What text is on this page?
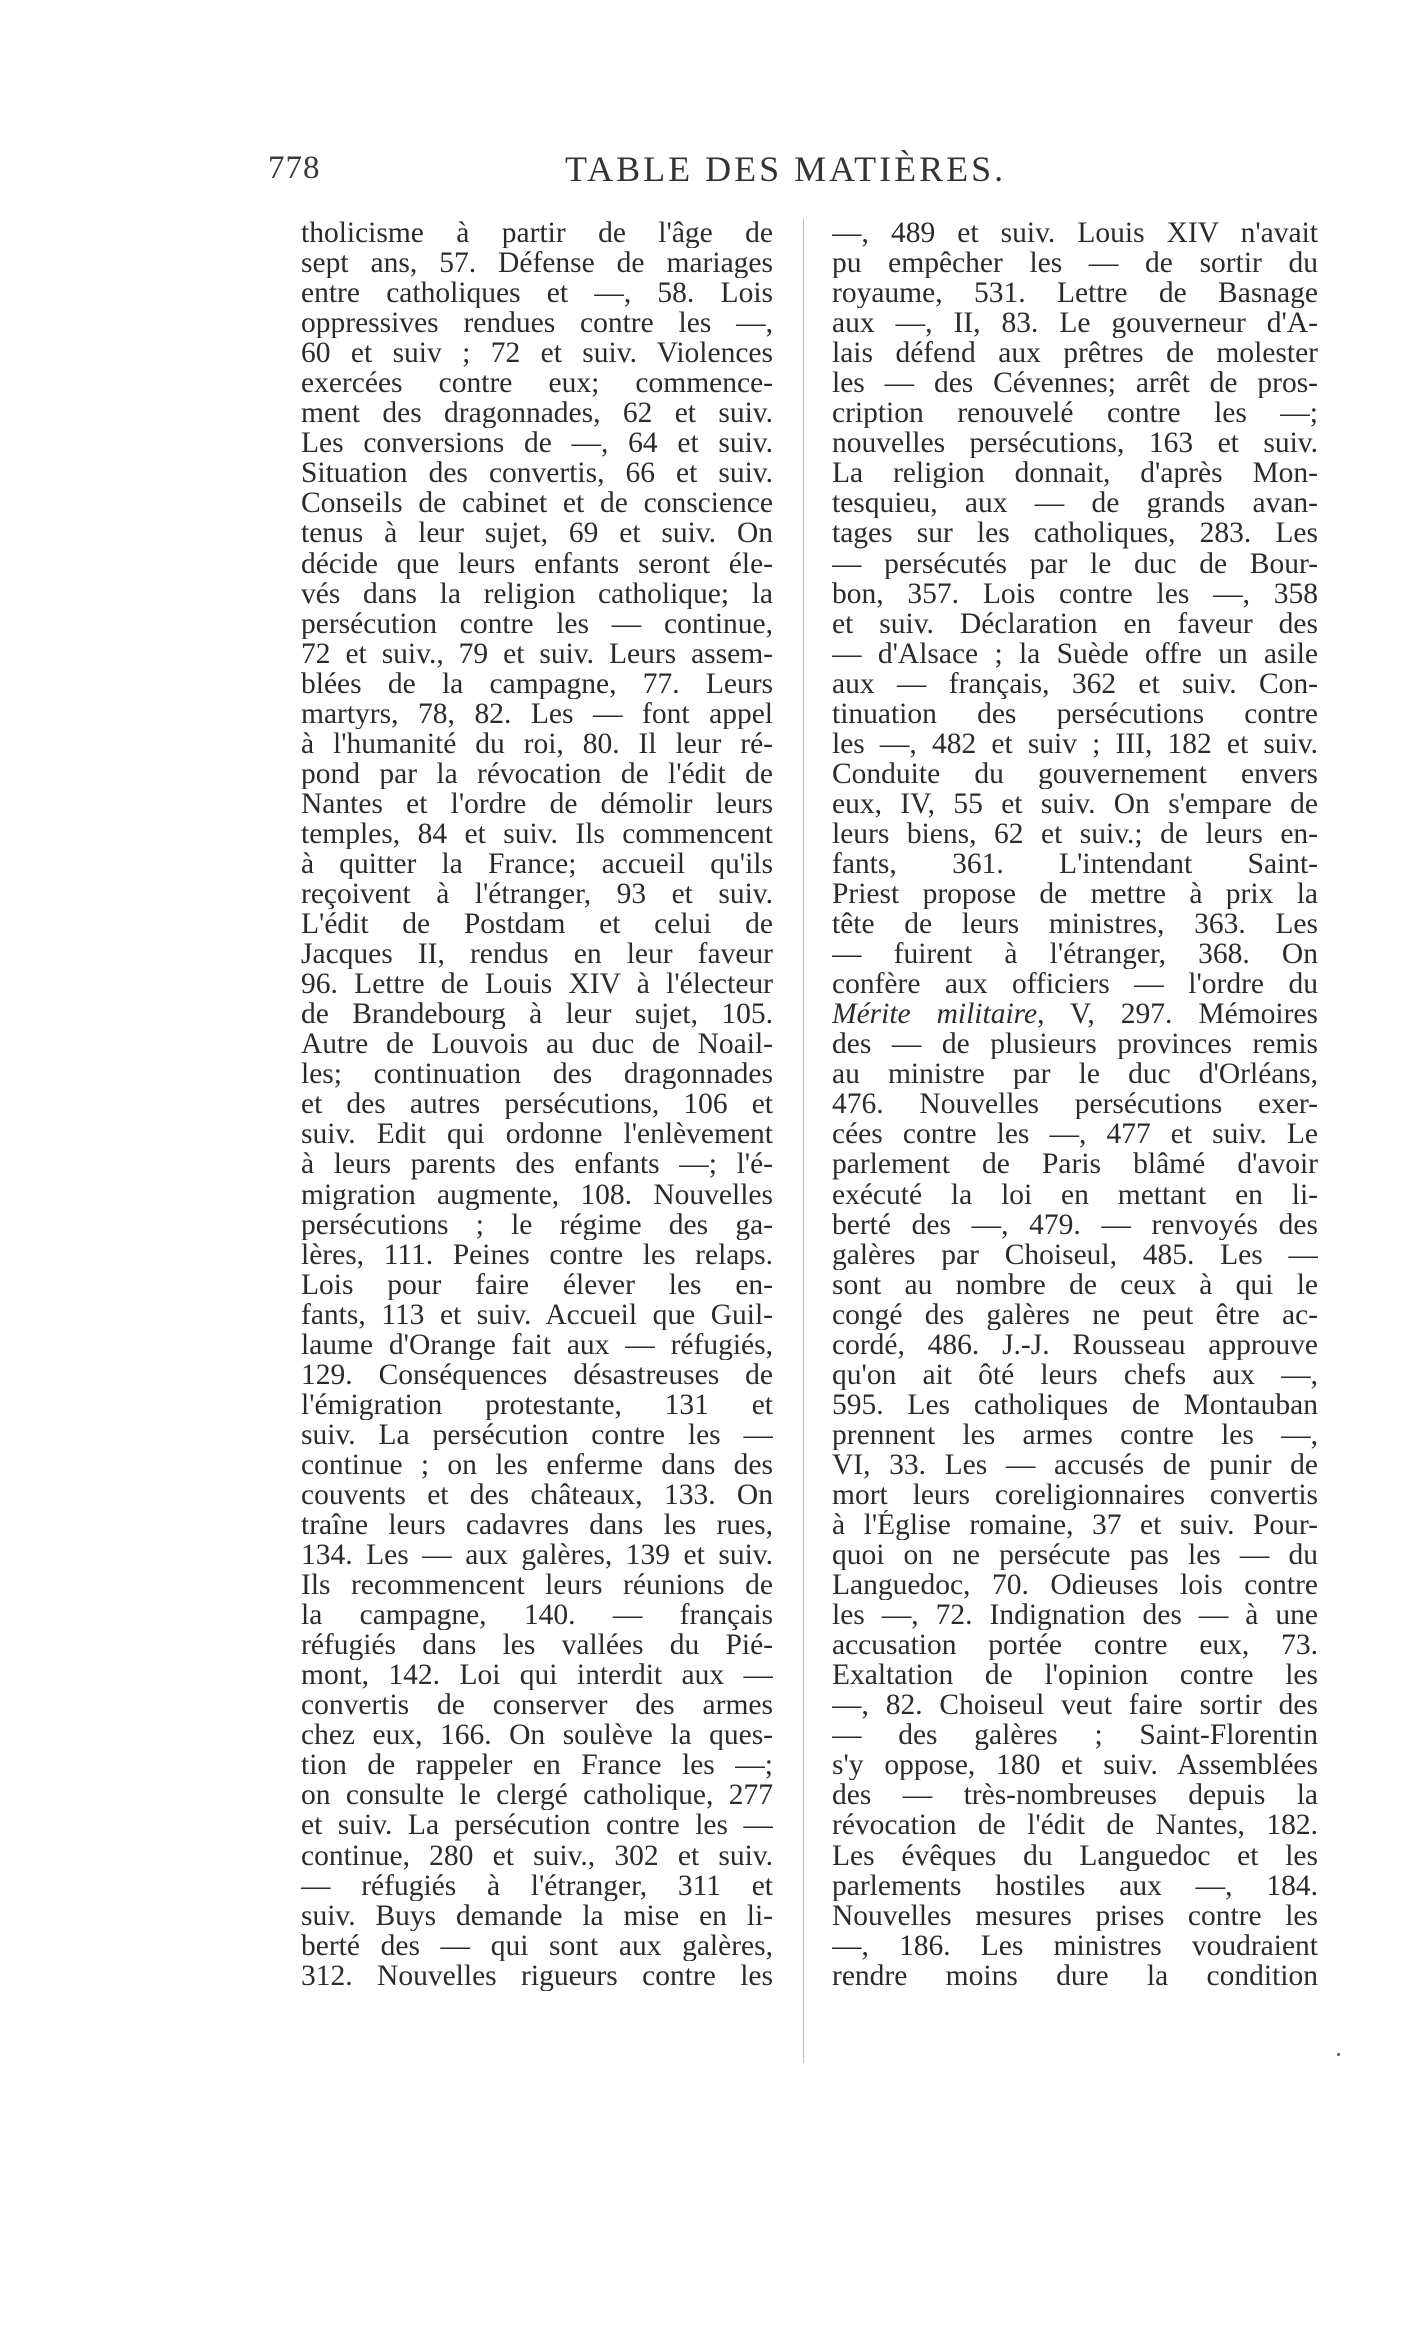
778	TABLE DES MATIÈRES.
tholicisme à partir de l'âge de
sept ans, 57. Défense de mariages
entre catholiques et —, 58. Lois
oppressives rendues contre les —,
60 et suiv ; 72 et suiv. Violences
exercées contre eux; commence-
ment des dragonnades, 62 et suiv.
Les conversions de —, 64 et suiv.
Situation des convertis, 66 et suiv.
Conseils de cabinet et de conscience
tenus à leur sujet, 69 et suiv. On
décide que leurs enfants seront éle-
vés dans la religion catholique; la
persécution contre les — continue,
72 et suiv., 79 et suiv. Leurs assem-
blées de la campagne, 77. Leurs
martyrs, 78, 82. Les — font appel
à l'humanité du roi, 80. Il leur ré-
pond par la révocation de l'édit de
Nantes et l'ordre de démolir leurs
temples, 84 et suiv. Ils commencent
à quitter la France; accueil qu'ils
reçoivent à l'étranger, 93 et suiv.
L'édit de Postdam et celui de
Jacques II, rendus en leur faveur
96. Lettre de Louis XIV à l'électeur
de Brandebourg à leur sujet, 105.
Autre de Louvois au duc de Noail-
les; continuation des dragonnades
et des autres persécutions, 106 et
suiv. Edit qui ordonne l'enlèvement
à leurs parents des enfants —; l'é-
migration augmente, 108. Nouvelles
persécutions ; le régime des ga-
lères, 111. Peines contre les relaps.
Lois pour faire élever les en-
fants, 113 et suiv. Accueil que Guil-
laume d'Orange fait aux — réfugiés,
129. Conséquences désastreuses de
l'émigration protestante, 131 et
suiv. La persécution contre les —
continue ; on les enferme dans des
couvents et des châteaux, 133. On
traîne leurs cadavres dans les rues,
134. Les — aux galères, 139 et suiv.
Ils recommencent leurs réunions de
la campagne, 140. — français
réfugiés dans les vallées du Pié-
mont, 142. Loi qui interdit aux —
convertis de conserver des armes
chez eux, 166. On soulève la ques-
tion de rappeler en France les —;
on consulte le clergé catholique, 277
et suiv. La persécution contre les —
continue, 280 et suiv., 302 et suiv.
— réfugiés à l'étranger, 311 et
suiv. Buys demande la mise en li-
berté des — qui sont aux galères,
312. Nouvelles rigueurs contre les
—, 489 et suiv. Louis XIV n'avait
pu empêcher les — de sortir du
royaume, 531. Lettre de Basnage
aux —, II, 83. Le gouverneur d'A-
lais défend aux prêtres de molester
les — des Cévennes; arrêt de pros-
cription renouvelé contre les —;
nouvelles persécutions, 163 et suiv.
La religion donnait, d'après Mon-
tesquieu, aux — de grands avan-
tages sur les catholiques, 283. Les
— persécutés par le duc de Bour-
bon, 357. Lois contre les —, 358
et suiv. Déclaration en faveur des
— d'Alsace ; la Suède offre un asile
aux — français, 362 et suiv. Con-
tinuation des persécutions contre
les —, 482 et suiv ; III, 182 et suiv.
Conduite du gouvernement envers
eux, IV, 55 et suiv. On s'empare de
leurs biens, 62 et suiv.; de leurs en-
fants, 361. L'intendant Saint-
Priest propose de mettre à prix la
tête de leurs ministres, 363. Les
— fuirent à l'étranger, 368. On
confère aux officiers — l'ordre du
Mérite militaire, V, 297. Mémoires
des — de plusieurs provinces remis
au ministre par le duc d'Orléans,
476. Nouvelles persécutions exer-
cées contre les —, 477 et suiv. Le
parlement de Paris blâmé d'avoir
exécuté la loi en mettant en li-
berté des —, 479. — renvoyés des
galères par Choiseul, 485. Les —
sont au nombre de ceux à qui le
congé des galères ne peut être ac-
cordé, 486. J.-J. Rousseau approuve
qu'on ait ôté leurs chefs aux —,
595. Les catholiques de Montauban
prennent les armes contre les —,
VI, 33. Les — accusés de punir de
mort leurs coreligionnaires convertis
à l'Église romaine, 37 et suiv. Pour-
quoi on ne persécute pas les — du
Languedoc, 70. Odieuses lois contre
les —, 72. Indignation des — à une
accusation portée contre eux, 73.
Exaltation de l'opinion contre les
—, 82. Choiseul veut faire sortir des
— des galères ; Saint-Florentin
s'y oppose, 180 et suiv. Assemblées
des — très-nombreuses depuis la
révocation de l'édit de Nantes, 182.
Les évêques du Languedoc et les
parlements hostiles aux —, 184.
Nouvelles mesures prises contre les
—, 186. Les ministres voudraient
rendre moins dure la condition
